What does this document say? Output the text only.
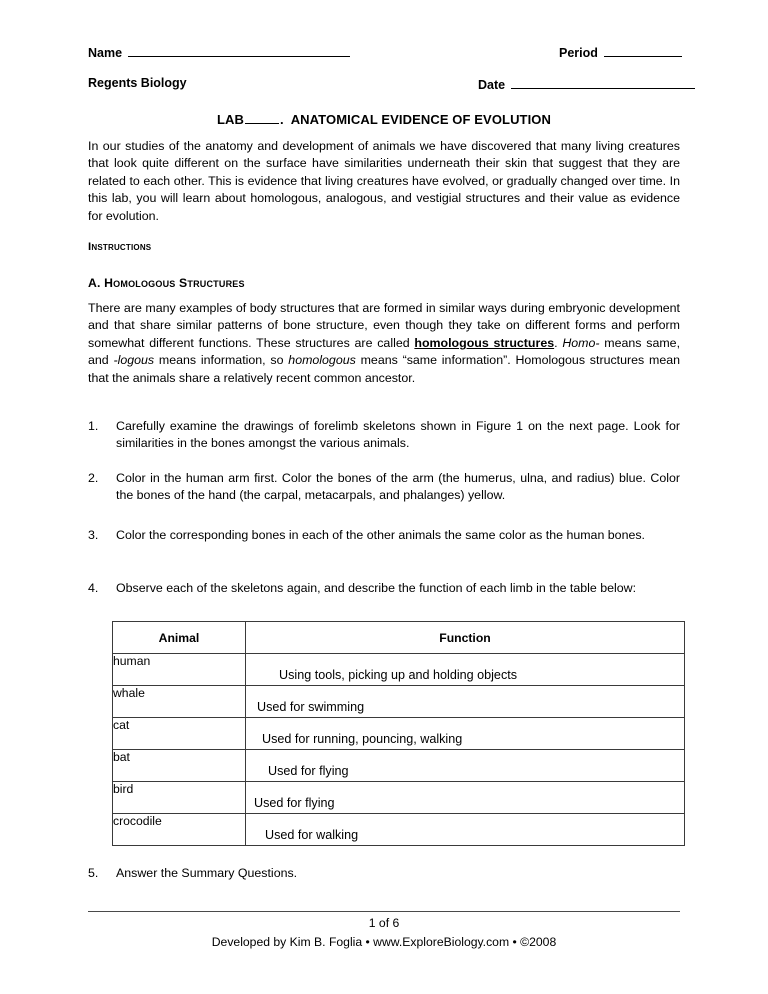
Name	Period
Regents Biology	Date
LAB	. ANATOMICAL EVIDENCE OF EVOLUTION
In our studies of the anatomy and development of animals we have discovered that many living creatures that look quite different on the surface have similarities underneath their skin that suggest that they are related to each other. This is evidence that living creatures have evolved, or gradually changed over time. In this lab, you will learn about homologous, analogous, and vestigial structures and their value as evidence for evolution.
Instructions
A. Homologous Structures
There are many examples of body structures that are formed in similar ways during embryonic development and that share similar patterns of bone structure, even though they take on different forms and perform somewhat different functions. These structures are called homologous structures. Homo- means same, and -logous means information, so homologous means “same information”. Homologous structures mean that the animals share a relatively recent common ancestor.
1.	Carefully examine the drawings of forelimb skeletons shown in Figure 1 on the next page. Look for similarities in the bones amongst the various animals.
2.	Color in the human arm first. Color the bones of the arm (the humerus, ulna, and radius) blue. Color the bones of the hand (the carpal, metacarpals, and phalanges) yellow.
3.	Color the corresponding bones in each of the other animals the same color as the human bones.
4.	Observe each of the skeletons again, and describe the function of each limb in the table below:
Animal	Function
human	Using tools, picking up and holding objects

whale	Used for swimming

cat	Used for running, pouncing, walking

bat	Used for flying

bird	Used for flying

crocodile	Used for walking
5.	Answer the Summary Questions.
1 of 6
Developed by Kim B. Foglia • www.ExploreBiology.com • ©2008
